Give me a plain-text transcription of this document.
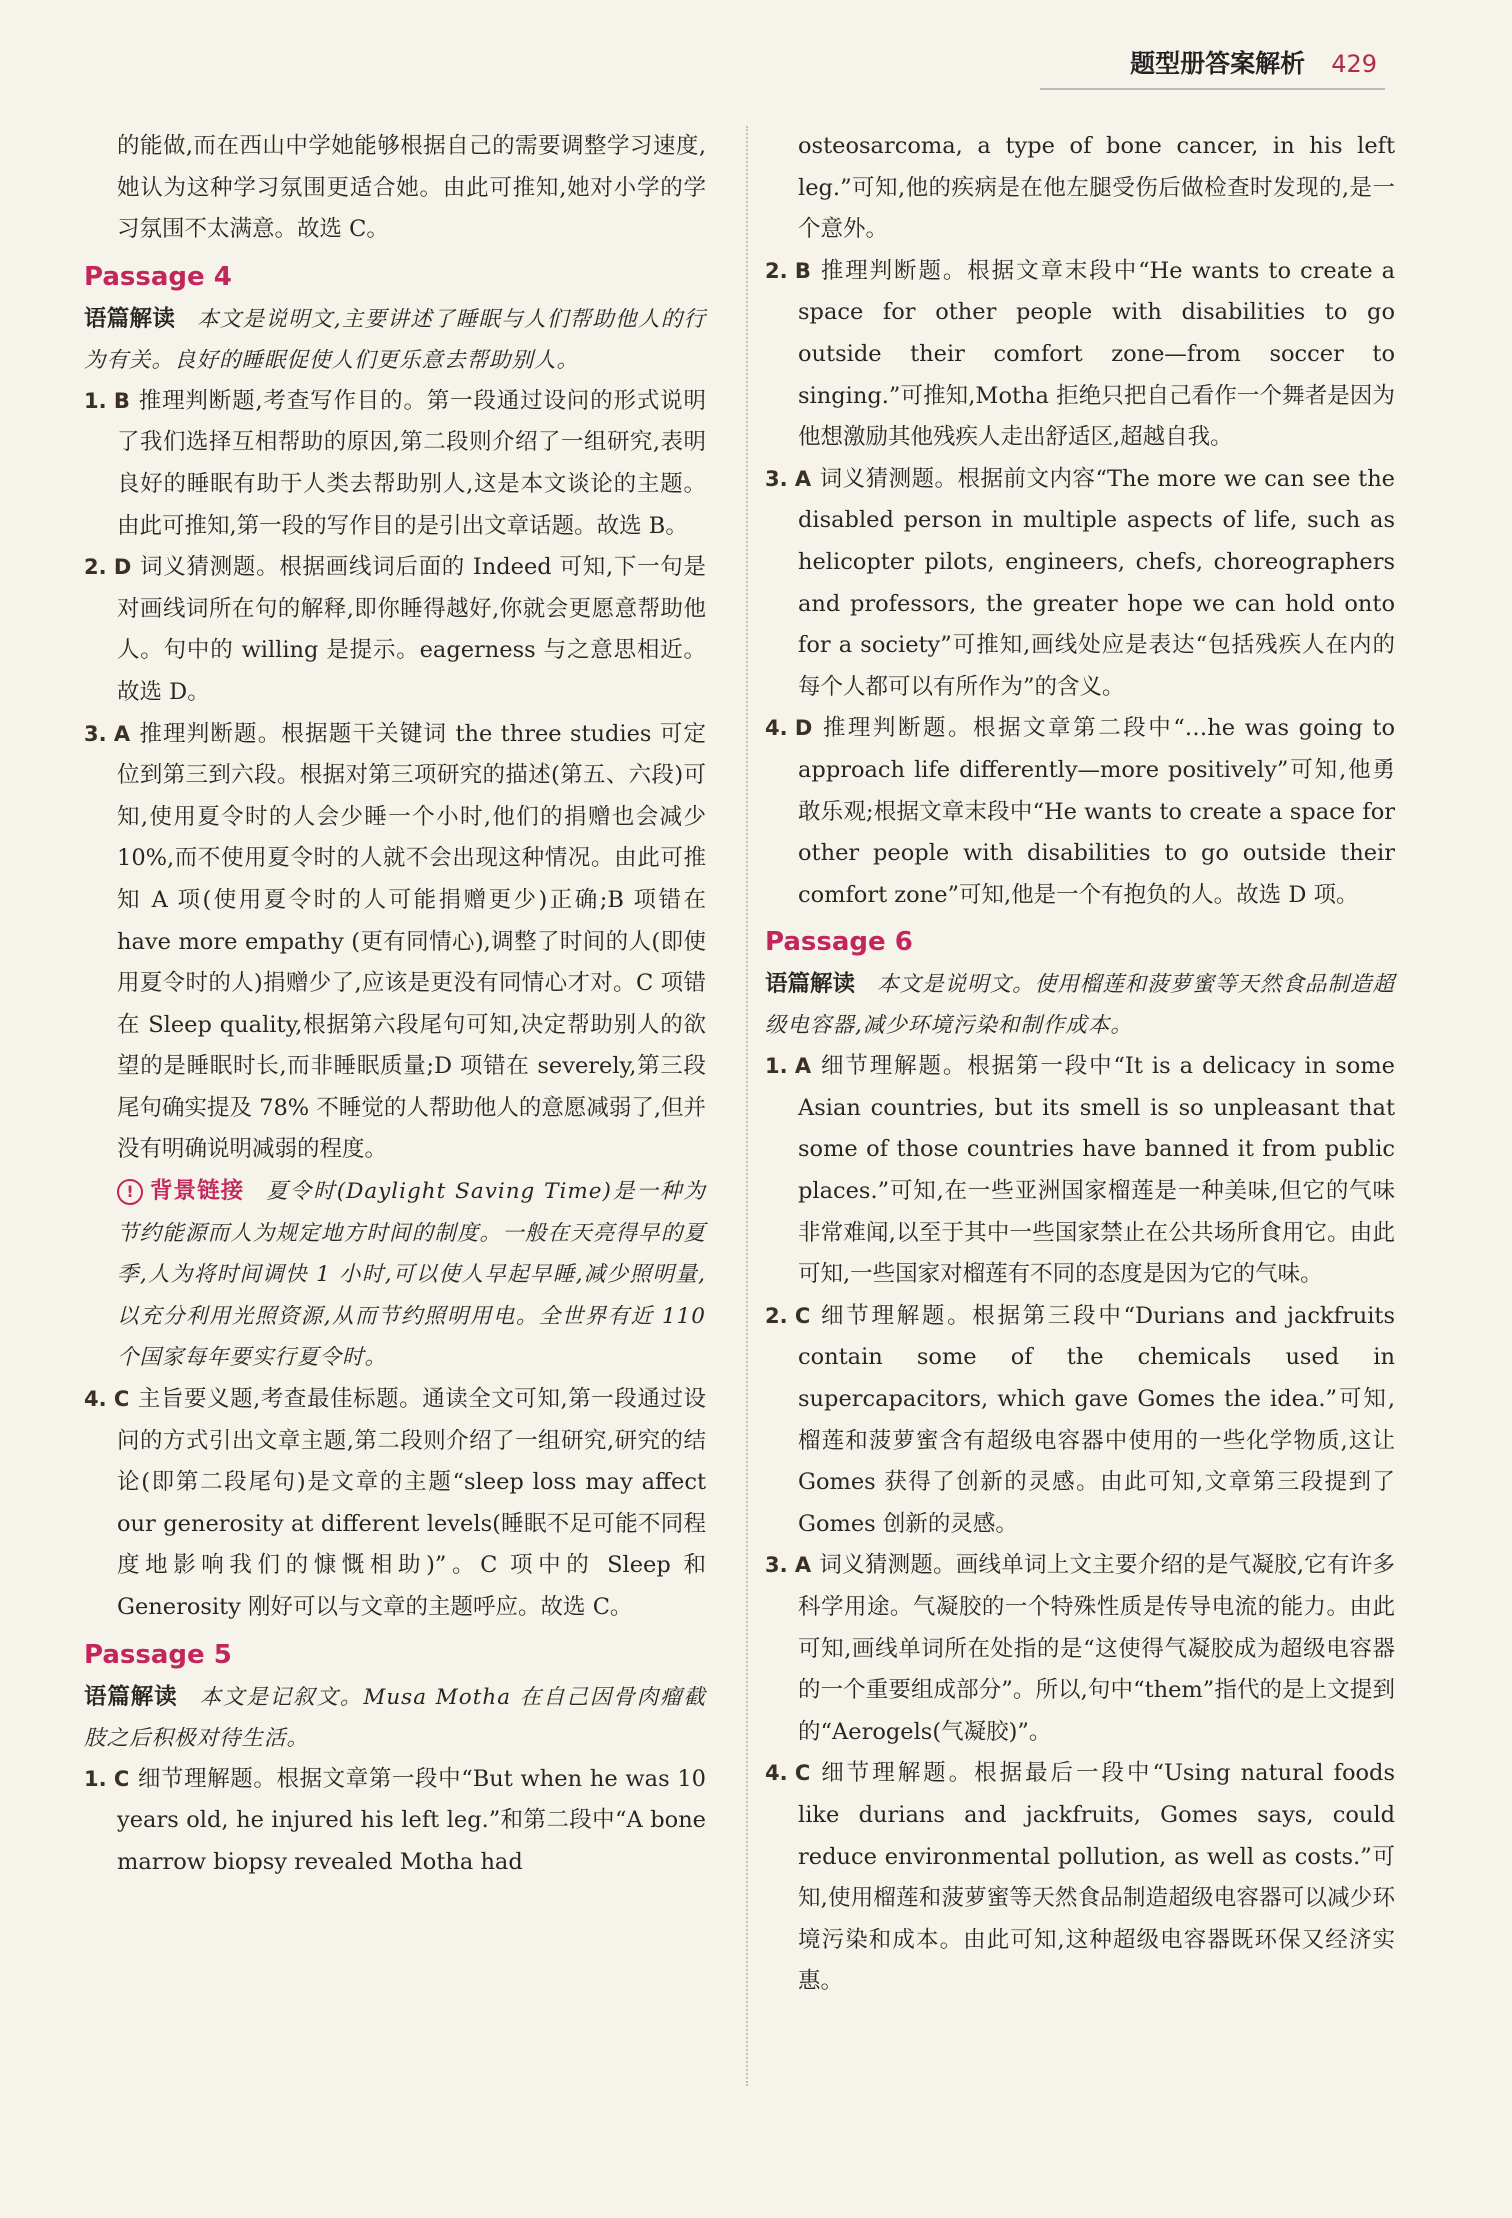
题型册答案解析 429

的能做,而在西山中学她能够根据自己的需要调整学习速度,她认为这种学习氛围更适合她。由此可推知,她对小学的学习氛围不太满意。故选 C。

Passage 4

语篇解读 本文是说明文,主要讲述了睡眠与人们帮助他人的行为有关。良好的睡眠促使人们更乐意去帮助别人。

1. B 推理判断题,考查写作目的。第一段通过设问的形式说明了我们选择互相帮助的原因,第二段则介绍了一组研究,表明良好的睡眠有助于人类去帮助别人,这是本文谈论的主题。由此可推知,第一段的写作目的是引出文章话题。故选 B。

2. D 词义猜测题。根据画线词后面的 Indeed 可知,下一句是对画线词所在句的解释,即你睡得越好,你就会更愿意帮助他人。句中的 willing 是提示。eagerness 与之意思相近。故选 D。

3. A 推理判断题。根据题干关键词 the three studies 可定位到第三到六段。根据对第三项研究的描述(第五、六段)可知,使用夏令时的人会少睡一个小时,他们的捐赠也会减少 10%,而不使用夏令时的人就不会出现这种情况。由此可推知 A 项(使用夏令时的人可能捐赠更少)正确;B 项错在 have more empathy (更有同情心),调整了时间的人(即使用夏令时的人)捐赠少了,应该是更没有同情心才对。C 项错在 Sleep quality,根据第六段尾句可知,决定帮助别人的欲望的是睡眠时长,而非睡眠质量;D 项错在 severely,第三段尾句确实提及 78% 不睡觉的人帮助他人的意愿减弱了,但并没有明确说明减弱的程度。

! 背景链接 夏令时(Daylight Saving Time)是一种为节约能源而人为规定地方时间的制度。一般在天亮得早的夏季,人为将时间调快 1 小时,可以使人早起早睡,减少照明量,以充分利用光照资源,从而节约照明用电。全世界有近 110 个国家每年要实行夏令时。

4. C 主旨要义题,考查最佳标题。通读全文可知,第一段通过设问的方式引出文章主题,第二段则介绍了一组研究,研究的结论(即第二段尾句)是文章的主题“sleep loss may affect our generosity at different levels(睡眠不足可能不同程度地影响我们的慷慨相助)”。C 项中的 Sleep 和 Generosity 刚好可以与文章的主题呼应。故选 C。

Passage 5

语篇解读 本文是记叙文。Musa Motha 在自己因骨肉瘤截肢之后积极对待生活。

1. C 细节理解题。根据文章第一段中“But when he was 10 years old, he injured his left leg.”和第二段中“A bone marrow biopsy revealed Motha had

osteosarcoma, a type of bone cancer, in his left leg.”可知,他的疾病是在他左腿受伤后做检查时发现的,是一个意外。

2. B 推理判断题。根据文章末段中“He wants to create a space for other people with disabilities to go outside their comfort zone—from soccer to singing.”可推知,Motha 拒绝只把自己看作一个舞者是因为他想激励其他残疾人走出舒适区,超越自我。

3. A 词义猜测题。根据前文内容“The more we can see the disabled person in multiple aspects of life, such as helicopter pilots, engineers, chefs, choreographers and professors, the greater hope we can hold onto for a society”可推知,画线处应是表达“包括残疾人在内的每个人都可以有所作为”的含义。

4. D 推理判断题。根据文章第二段中“…he was going to approach life differently—more positively”可知,他勇敢乐观;根据文章末段中“He wants to create a space for other people with disabilities to go outside their comfort zone”可知,他是一个有抱负的人。故选 D 项。

Passage 6

语篇解读 本文是说明文。使用榴莲和菠萝蜜等天然食品制造超级电容器,减少环境污染和制作成本。

1. A 细节理解题。根据第一段中“It is a delicacy in some Asian countries, but its smell is so unpleasant that some of those countries have banned it from public places.”可知,在一些亚洲国家榴莲是一种美味,但它的气味非常难闻,以至于其中一些国家禁止在公共场所食用它。由此可知,一些国家对榴莲有不同的态度是因为它的气味。

2. C 细节理解题。根据第三段中“Durians and jackfruits contain some of the chemicals used in supercapacitors, which gave Gomes the idea.”可知,榴莲和菠萝蜜含有超级电容器中使用的一些化学物质,这让 Gomes 获得了创新的灵感。由此可知,文章第三段提到了 Gomes 创新的灵感。

3. A 词义猜测题。画线单词上文主要介绍的是气凝胶,它有许多科学用途。气凝胶的一个特殊性质是传导电流的能力。由此可知,画线单词所在处指的是“这使得气凝胶成为超级电容器的一个重要组成部分”。所以,句中“them”指代的是上文提到的“Aerogels(气凝胶)”。

4. C 细节理解题。根据最后一段中“Using natural foods like durians and jackfruits, Gomes says, could reduce environmental pollution, as well as costs.”可知,使用榴莲和菠萝蜜等天然食品制造超级电容器可以减少环境污染和成本。由此可知,这种超级电容器既环保又经济实惠。
